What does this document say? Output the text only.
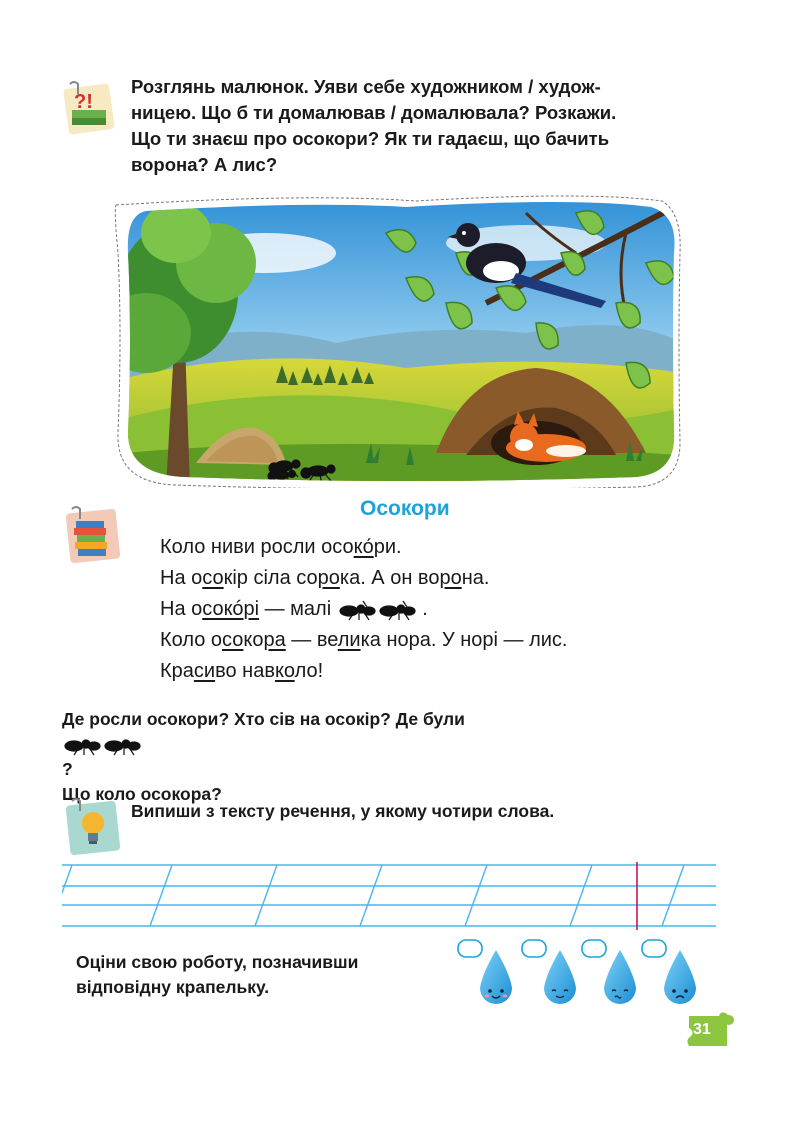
?!
Розглянь малюнок. Уяви себе художником / худож-
ницею. Що б ти домалював / домалювала? Розкажи.
Що ти знаєш про осокори? Як ти гадаєш, що бачить
ворона? А лис?
Осокори
Коло ниви росли осоко́ри.
На осокір сіла сорока. А он ворона.
На осокóрі — малі	.
Коло осокора — велика нора. У норі — лис.
Красиво навколо!
Де росли осокори? Хто сів на осокір? Де були
?
Що коло осокора?
Випиши з тексту речення, у якому чотири слова.
Оціни свою роботу, позначивши
відповідну крапельку.
31
